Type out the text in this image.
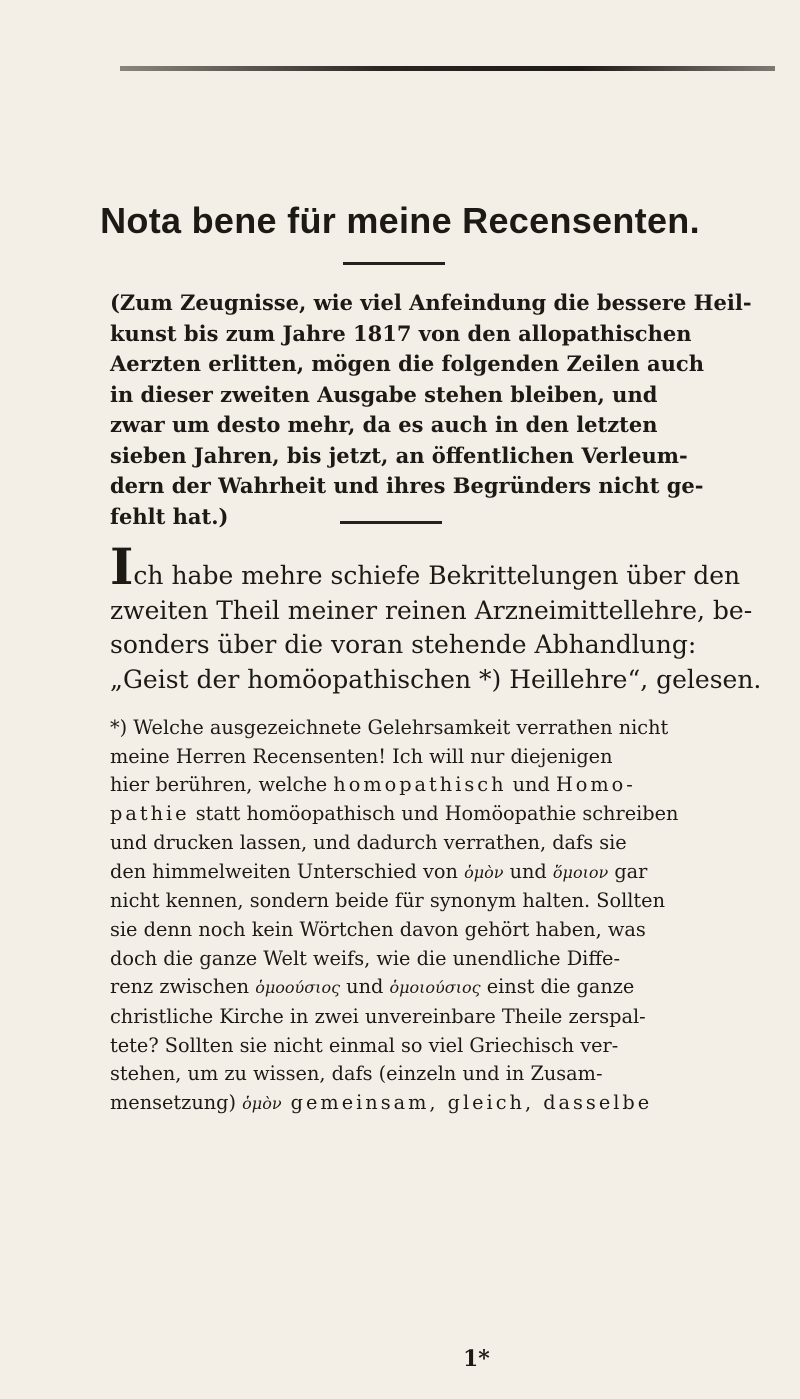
Nota bene für meine Recensenten.
(Zum Zeugnisse, wie viel Anfeindung die bessere Heil-
kunst bis zum Jahre 1817 von den allopathischen
Aerzten erlitten, mögen die folgenden Zeilen auch
in dieser zweiten Ausgabe stehen bleiben, und
zwar um desto mehr, da es auch in den letzten
sieben Jahren, bis jetzt, an öffentlichen Verleum-
dern der Wahrheit und ihres Begründers nicht ge-
fehlt hat.)
Ich habe mehre schiefe Bekrittelungen über den
zweiten Theil meiner reinen Arzneimittellehre, be-
sonders über die voran stehende Abhandlung:
„Geist der homöopathischen *) Heillehre“, gelesen.
*) Welche ausgezeichnete Gelehrsamkeit verrathen nicht
meine Herren Recensenten! Ich will nur diejenigen
hier berühren, welche homopathisch und Homo-
pathie statt homöopathisch und Homöopathie schreiben
und drucken lassen, und dadurch verrathen, dafs sie
den himmelweiten Unterschied von ὁμὸν und ὅμοιον gar
nicht kennen, sondern beide für synonym halten. Sollten
sie denn noch kein Wörtchen davon gehört haben, was
doch die ganze Welt weifs, wie die unendliche Diffe-
renz zwischen ὁμοούσιος und ὁμοιούσιος einst die ganze
christliche Kirche in zwei unvereinbare Theile zerspal-
tete? Sollten sie nicht einmal so viel Griechisch ver-
stehen, um zu wissen, dafs (einzeln und in Zusam-
mensetzung) ὁμὸν gemeinsam, gleich, dasselbe
1*
